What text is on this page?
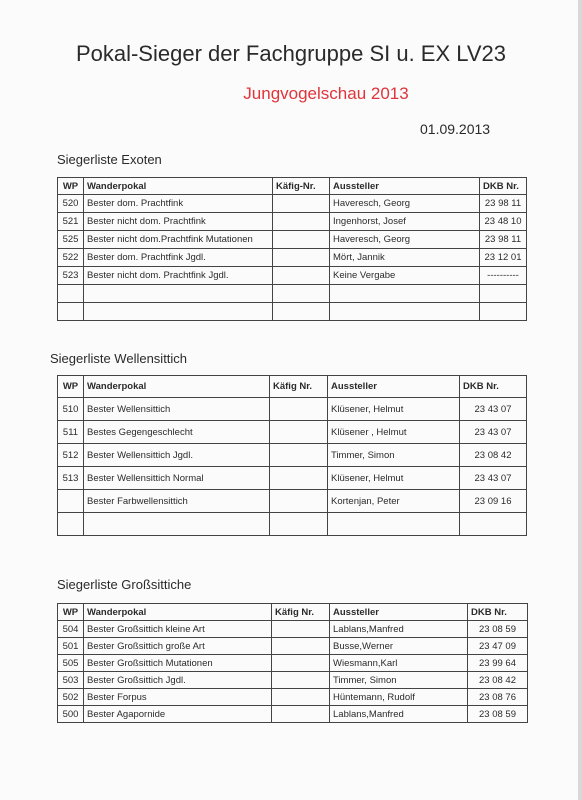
Pokal-Sieger der Fachgruppe SI u. EX LV23
Jungvogelschau 2013
01.09.2013
Siegerliste Exoten
WP	Wanderpokal	Käfig-Nr.	Aussteller	DKB Nr.
520	Bester dom. Prachtfink		Haveresch, Georg	23 98 11
521	Bester nicht dom. Prachtfink		Ingenhorst, Josef	23 48 10
525	Bester nicht dom.Prachtfink Mutationen		Haveresch, Georg	23 98 11
522	Bester dom. Prachtfink Jgdl.		Mört, Jannik	23 12 01
523	Bester nicht dom. Prachtfink Jgdl.		Keine Vergabe	----------

Siegerliste Wellensittich
WP	Wanderpokal	Käfig Nr.	Aussteller	DKB Nr.
510	Bester Wellensittich		Klüsener, Helmut	23 43 07
511	Bestes Gegengeschlecht		Klüsener , Helmut	23 43 07
512	Bester Wellensittich Jgdl.		Timmer, Simon	23 08 42
513	Bester Wellensittich Normal		Klüsener, Helmut	23 43 07
	Bester Farbwellensittich		Kortenjan, Peter	23 09 16

Siegerliste Großsittiche
WP	Wanderpokal	Käfig Nr.	Aussteller	DKB Nr.
504	Bester Großsittich kleine Art		Lablans,Manfred	23 08 59
501	Bester Großsittich große Art		Busse,Werner	23 47 09
505	Bester Großsittich Mutationen		Wiesmann,Karl	23 99 64
503	Bester Großsittich Jgdl.		Timmer, Simon	23 08 42
502	Bester Forpus		Hüntemann, Rudolf	23 08 76
500	Bester Agapornide		Lablans,Manfred	23 08 59
